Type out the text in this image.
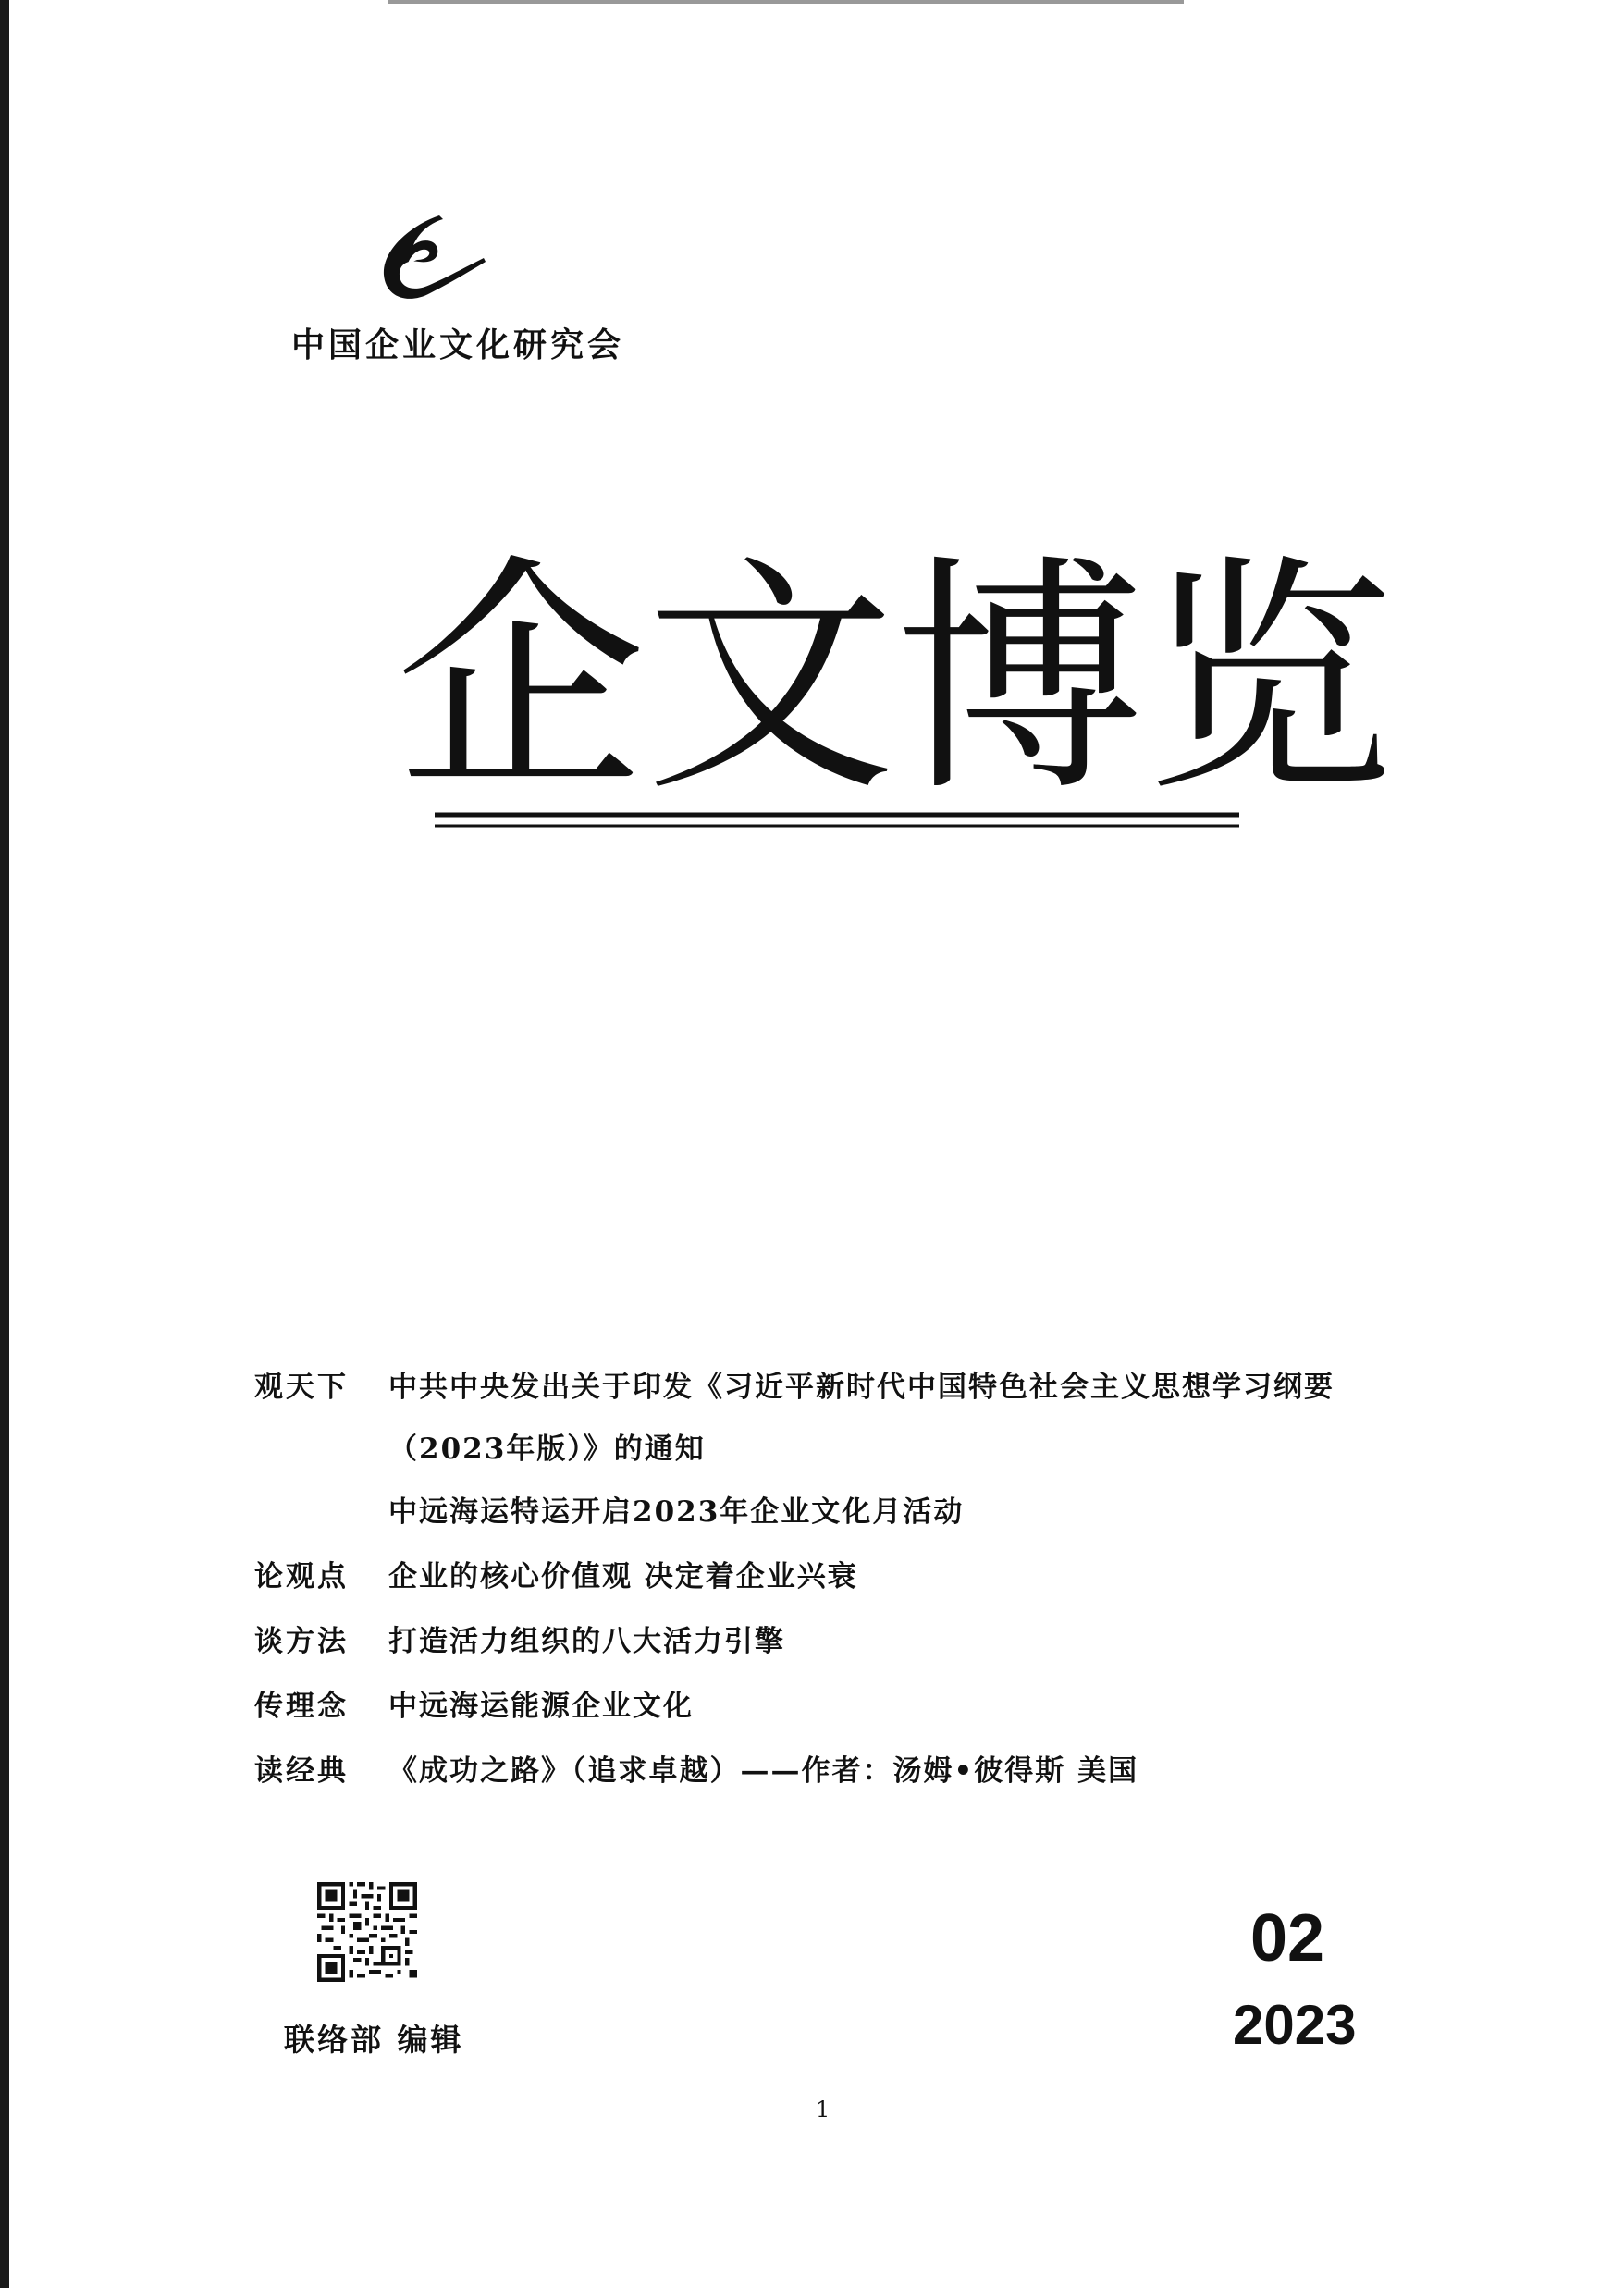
中国企业文化研究会
企文博览
观天下	中共中央发出关于印发《习近平新时代中国特色社会主义思想学习纲要
（2023年版）》的通知
中远海运特运开启2023年企业文化月活动
论观点	企业的核心价值观 决定着企业兴衰
谈方法	打造活力组织的八大活力引擎
传理念	中远海运能源企业文化
读经典	《成功之路》（追求卓越）——作者：汤姆•彼得斯 美国
联络部 编辑
02
2023
1
